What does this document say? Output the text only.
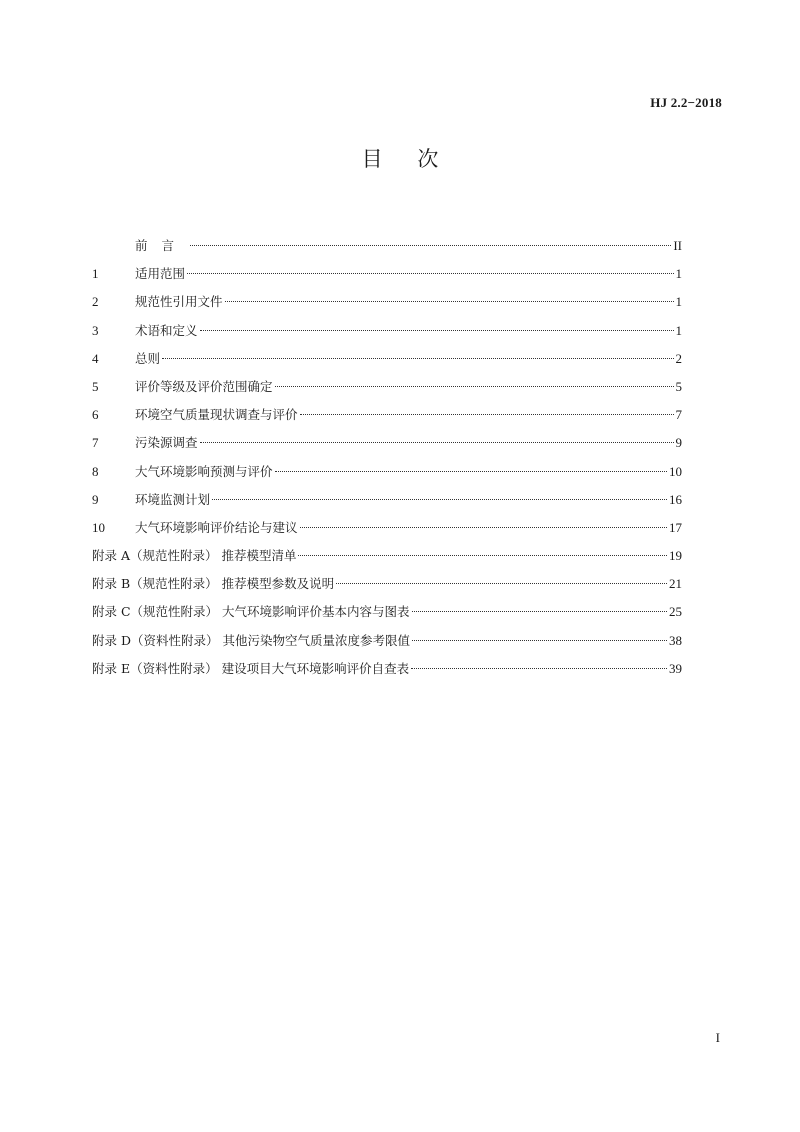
HJ 2.2−2018
目 次
前言	II
1	适用范围	1
2	规范性引用文件	1
3	术语和定义	1
4	总则	2
5	评价等级及评价范围确定	5
6	环境空气质量现状调查与评价	7
7	污染源调查	9
8	大气环境影响预测与评价	10
9	环境监测计划	16
10	大气环境影响评价结论与建议	17
附录 A（规范性附录） 推荐模型清单	19
附录 B（规范性附录） 推荐模型参数及说明	21
附录 C（规范性附录） 大气环境影响评价基本内容与图表	25
附录 D（资料性附录） 其他污染物空气质量浓度参考限值	38
附录 E（资料性附录） 建设项目大气环境影响评价自查表	39
I
